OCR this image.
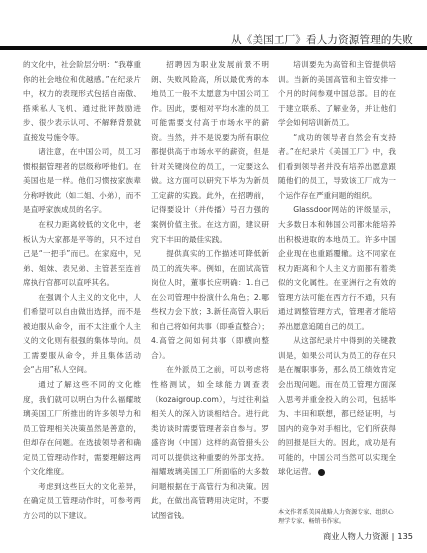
从《美国工厂》看人力资源管理的失败

的文化中，社会阶层分明：“我尊重你的社会地位和优越感。”在纪录片中，权力的表现形式包括自南傲、搭乘私人飞机、通过批评鼓励进步、很少表示认可、不解释背景就直接发号施令等。

诸注意，在中国公司，员工习惯根据管理者的层级称呼他们。在美国也是一样。他们习惯按家族辈分称呼彼此（如二姐、小弟），而不是直呼家族成员的名字。

在权力距离较低的文化中，老板认为大家都是平等的，只不过自己是“一把手”而已。在家庭中，兄弟、姐妹、表兄弟、主管甚至连首席执行官都可以直呼其名。

在强调个人主义的文化中，人们希望可以自由做出选择，而不是被迫服从命令，而不太注重个人主义的文化则有很强的集体导向。员工需要服从命令，并且集体活动会“占用”私人空间。

通过了解这些不同的文化维度，我们就可以明白为什么福耀玻璃美国工厂所推出的许多领导力和员工管理相关决策虽然是善意的，但却存在问题。在选拔领导者和确定员工管理动作时，需要理解这两个文化维度。

考虑到这些巨大的文化差异，在确定员工管理动作时，可参考两方公司的以下建议。

招聘因为职业发展前景不明朗、失败风险高，所以最优秀的本地员工一般不太愿意为中国公司工作。因此，要相对平均水准的员工可能需要支付高于市场水平的薪资。当然，并不是说要为所有职位都提供高于市场水平的薪资，但是针对关键岗位的员工，一定要这么做。这方面可以研究下毕为为新员工定薪的实践。此外，在招聘前，记得要设计（并传播）号召力强的案例价值主张。在这方面，建议研究下丰田的最佳实践。

提供真实的工作描述可降低新员工的流失率。例如，在面试高管岗位人时，董事长应明确：1.自己在公司管理中扮演什么角色；2.哪些权力会下放；3.新任高管入职后和自己将如何共事（即垂直整合）；4.高管之间如何共事（即横向整合）。

在外派员工之前，可以考虑将性格测试，如全球能力调查表（kozaigroup.com），与过往利益相关人的深入访谈相结合。进行此类访谈时需要管理者亲自参与。罗盛咨询（中国）这样的高管猎头公司可以提供这种重要的外部支持。福耀玻璃美国工厂所面临的大多数问题根据在于高管行为和决策。因此，在做出高管聘用决定时，不要试图省钱。

培训要先为高管和主管提供培训。当新的美国高管和主管安排一个月的时间参观中国总部。目的在于建立联系、了解业务，并让他们学会如何培训新员工。

“成功的领导者自然会有支持者。”在纪录片《美国工厂》中，我们看到领导者并没有培养出愿意跟随他们的员工，导致该工厂成为一个运作存在严重问题的组织。

Glassdoor网站的评级显示，大多数日本和韩国公司都未能培养出积极进取的本地员工。许多中国企业现在也重蹈覆辙。这不同家在权力距离和个人主义方面都有着类似的文化属性。在亚洲行之有效的管理方法可能在西方行不通，只有通过调整管理方式，管理者才能培养出愿意追随自己的员工。

从这部纪录片中得到的关键教训是，如果公司认为员工的存在只是在履职事务，那么员工绩效肯定会出现问题。而在员工管理方面深入思考并重金投入的公司，包括毕为、丰田和联想，都已经证明，与国内的竞争对手相比，它们所获得的回报是巨大的。因此，成功是有可能的，中国公司当然可以实现全球化运营。

本文作者系美国战略人力资源专家、组织心理学专家、畅销书作家。
商业人物人力资源 | 135
